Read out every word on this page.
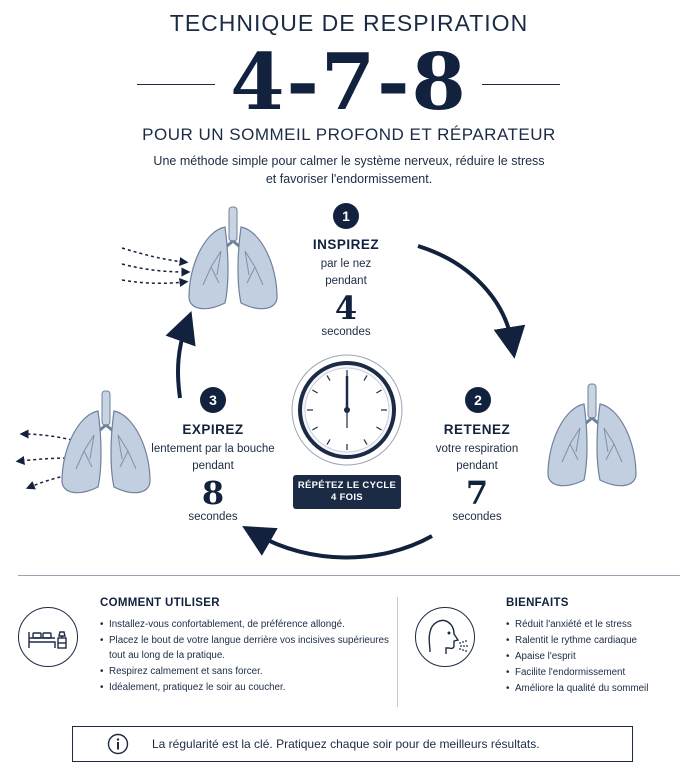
TECHNIQUE DE RESPIRATION
4-7-8
POUR UN SOMMEIL PROFOND ET RÉPARATEUR
Une méthode simple pour calmer le système nerveux, réduire le stress
et favoriser l'endormissement.
1
INSPIREZ
par le nez
pendant
4
secondes
2
RETENEZ
votre respiration
pendant
7
secondes
3
EXPIREZ
lentement par la bouche
pendant
8
secondes
RÉPÉTEZ LE CYCLE
4 FOIS
COMMENT UTILISER
• Installez-vous confortablement, de préférence allongé.
• Placez le bout de votre langue derrière vos incisives supérieures
tout au long de la pratique.
• Respirez calmement et sans forcer.
• Idéalement, pratiquez le soir au coucher.
BIENFAITS
• Réduit l'anxiété et le stress
• Ralentit le rythme cardiaque
• Apaise l'esprit
• Facilite l'endormissement
• Améliore la qualité du sommeil
La régularité est la clé. Pratiquez chaque soir pour de meilleurs résultats.
